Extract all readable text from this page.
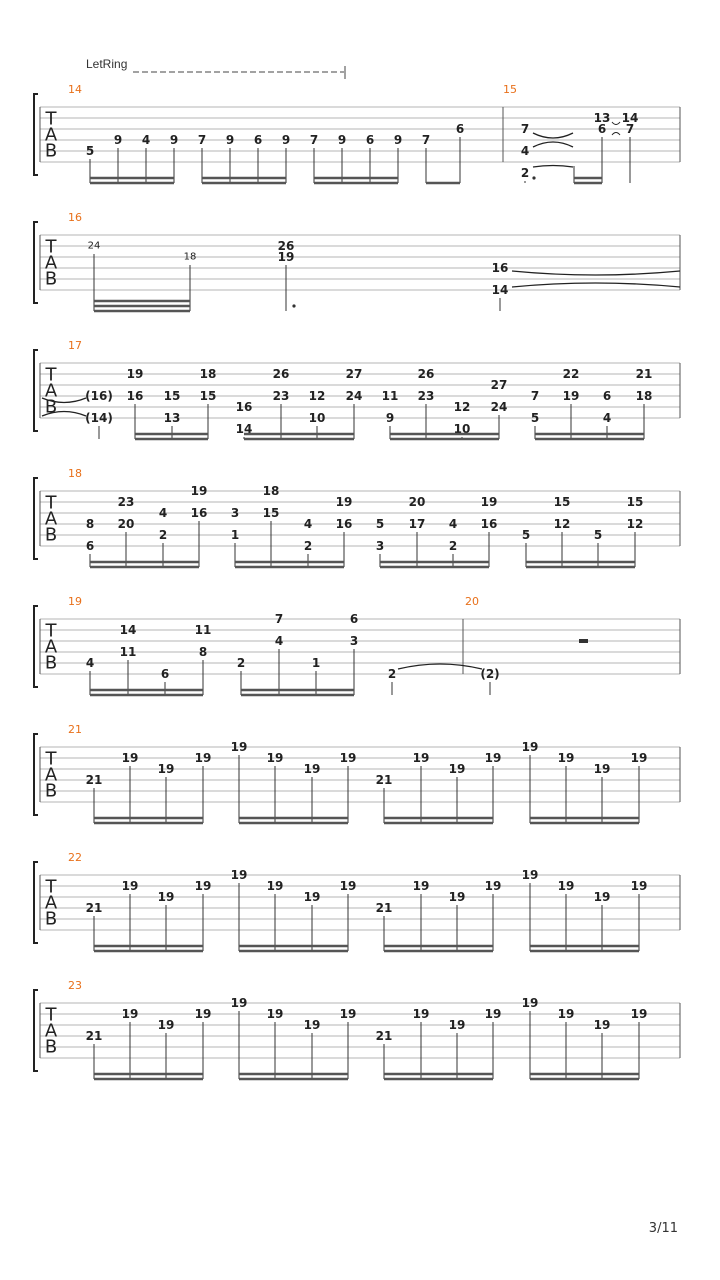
LetRing
T
A
B
14
5
9 4 9 7 9 6 9 7 9 6 9 7
6
15
7
4
2
13
6
14
7
T
A
B
16
24
18
26
19
16
14
T
A
B
17
(16)
(14)
19
16 15
13
18
15
16
14
26
23 12
10
27
24 11
9
26
23
12
10
27
24
7
5
22
19 6
4
21
18
T
A
B
18
8
6
23
20
4
2
19
16 3
1
18
15
4
2
19
16 5
3
20
17 4
2
19
16
5
15
12
5
15
12
T
A
B
19
4
14
11
6
11
8
2
7
4
1
6
3
2
20
(2)
T
A
B
21
21
19
19
19
19
19
19
19
21
19
19
19
19
19
19
19
T
A
B
22
21
19
19
19
19
19
19
19
21
19
19
19
19
19
19
19
T
A
B
23
21
19
19
19
19
19
19
19
21
19
19
19
19
19
19
19
3/11
